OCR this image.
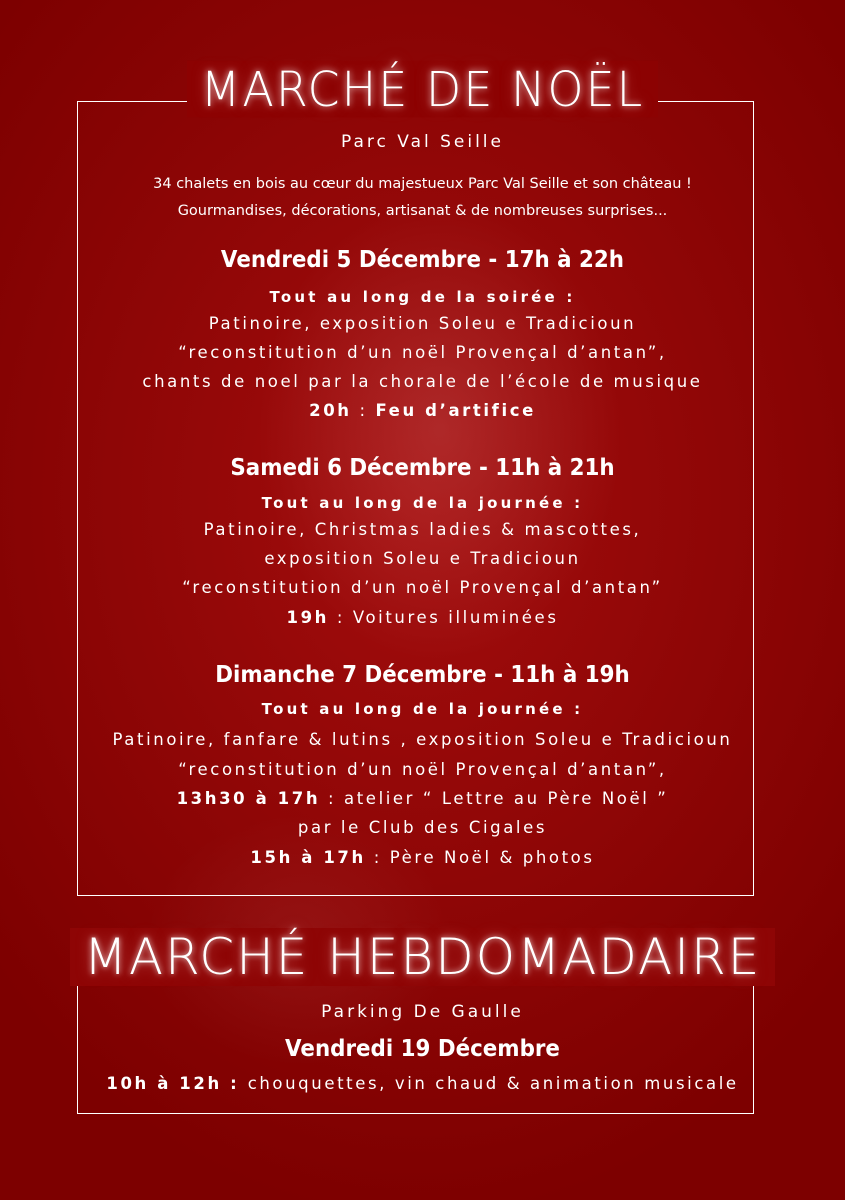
MARCHÉ DE NOËL
Parc Val Seille
34 chalets en bois au cœur du majestueux Parc Val Seille et son château !
Gourmandises, décorations, artisanat & de nombreuses surprises...
Vendredi 5 Décembre - 17h à 22h
Tout au long de la soirée :
Patinoire, exposition Soleu e Tradicioun
“reconstitution d’un noël Provençal d’antan”,
chants de noel par la chorale de l’école de musique
20h : Feu d’artifice
Samedi 6 Décembre - 11h à 21h
Tout au long de la journée :
Patinoire, Christmas ladies & mascottes,
exposition Soleu e Tradicioun
“reconstitution d’un noël Provençal d’antan”
19h : Voitures illuminées
Dimanche 7 Décembre - 11h à 19h
Tout au long de la journée :
Patinoire, fanfare & lutins , exposition Soleu e Tradicioun
“reconstitution d’un noël Provençal d’antan”,
13h30 à 17h : atelier “ Lettre au Père Noël ”
par le Club des Cigales
15h à 17h : Père Noël & photos
MARCHÉ HEBDOMADAIRE
Parking De Gaulle
Vendredi 19 Décembre
10h à 12h : chouquettes, vin chaud & animation musicale
